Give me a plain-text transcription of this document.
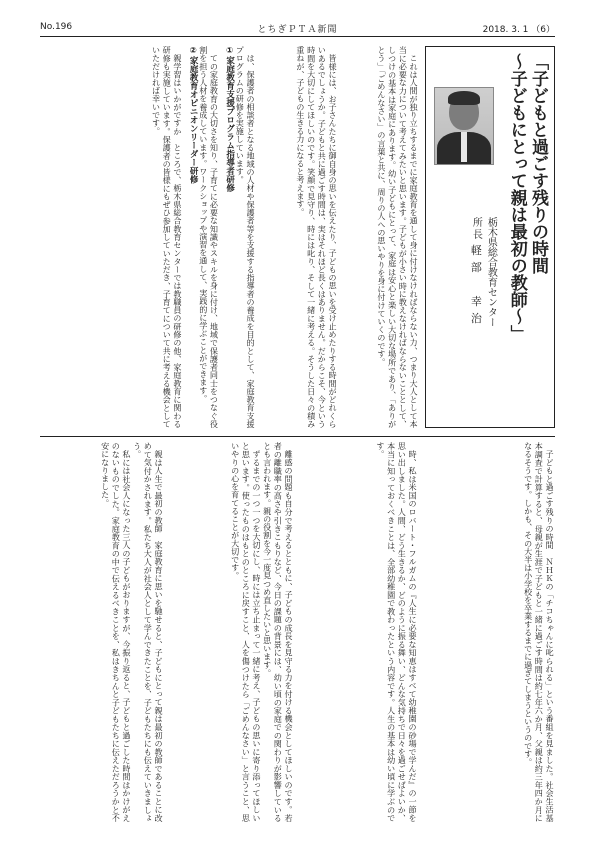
No.196	とちぎＰＴＡ新聞	2018. 3. 1 （6）
「子どもと過ごす残りの時間
〜子どもにとって親は最初の教師〜」
栃木県総合教育センター
所長 軽部　幸治

これは人間が独り立ちするまでに家庭教育を通して身に付けなければならない力、つまり大人として本当に必要な力について考えてみたいと思います。子どもが小さい時に教えなければならないこととして、しつけの基本は家庭にあります。幼い子どもにとって、家庭は安心と楽しい大切な場所であり、「ありがとう」「ごめんなさい」の言葉と共に、周りの人への思いやりを身に付けていくのです。

皆様には、お子さんたちに御自身の思いを伝えたり、子どもの思いを受け止めたりする時間がどれくらいあるでしょうか。子どもと共に過ごす時間は、実はそれほど長くはありません。だからこそ、今という時間を大切にしてほしいのです。笑顔で見守り、時には叱り、そして一緒に考える。そうした日々の積み重ねが、子どもの生きる力になると考えます。

は、保護者の相談者となる地域の人材や保護者等を支援する指導者の養成を目的として、家庭教育支援プログラムの研修を実施しています。

①家庭教育支援プログラム指導者研修

ての家庭教育の大切さを知り、子育てに必要な知識やスキルを身に付け、地域で保護者同士をつなぐ役割を担う人材を養成しています。ワークショップや演習を通して、実践的に学ぶことができます。

②家庭教育オピニオンリーダー研修

親学習はいかがですか　ところで、栃木県総合教育センターでは教職員の研修の他、家庭教育に関わる研修も実施しています。保護者の皆様にもぜひ参加していただき、子育てについて共に考える機会としていただければ幸いです。

子どもと過ごす残りの時間　ＮＨＫの「チコちゃんに叱られる」という番組を見ました。社会生活基本調査で計算すると、母親が生涯で子どもと一緒に過ごす時間は約七年六か月、父親は約三年四か月になるそうです。しかも、その大半は小学校を卒業するまでに過ぎてしまうというのです。

時、私は米国のロバート・フルガムの『人生に必要な知恵はすべて幼稚園の砂場で学んだ』の一節を思い出しました。人間、どう生きるか、どのように振る舞い、どんな気持ちで日々を過ごせばよいか、本当に知っておくべきことは、全部幼稚園で教わったという内容です。人生の基本は幼い頃に学ぶのです。

離感の問題も自分で考えるとともに、子どもの成長を見守る力を付ける機会としてほしいのです。若者の離職率の高さや引きこもりなど、今日の課題の背景には、幼い頃の家庭での関わりが影響しているとも言われます。親の役割を今一度見つめ直したいと思います。

ずるまでの一つ一つを大切にし、時には立ち止まって一緒に考え、子どもの思いに寄り添ってほしいと思います。使ったものはもとのところに戻すこと、人を傷つけたら「ごめんなさい」と言うこと、思いやりの心を育てることが大切です。

親は人生で最初の教師　家庭教育に思いを馳せると、子どもにとって親は最初の教師であることに改めて気付かされます。私たち大人が社会人として学んできたことを、子どもたちにも伝えていきましょう。

私には社会人になった三人の子どもがおりますが、今振り返ると、子どもと過ごした時間はかけがえのないものでした。家庭教育の中で伝えるべきことを、私はきちんと子どもたちに伝えただろうかと不安になりました。
